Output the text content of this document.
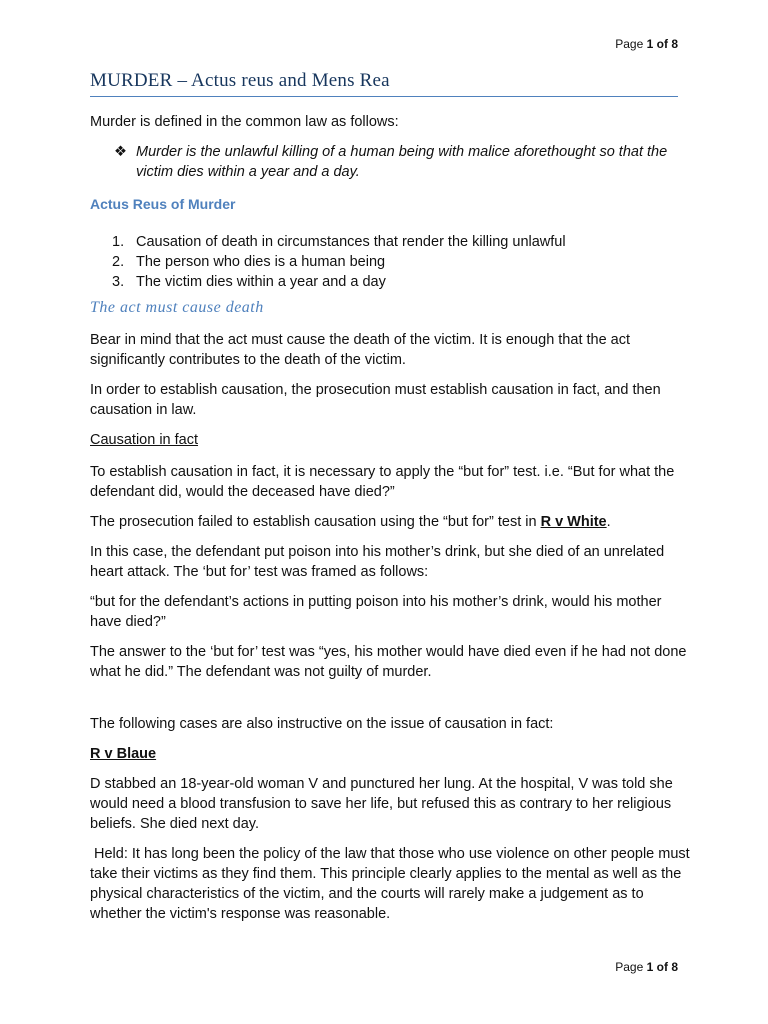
Page 1 of 8
MURDER – Actus reus and Mens Rea

Murder is defined in the common law as follows:

❖ Murder is the unlawful killing of a human being with malice aforethought so that the victim dies within a year and a day.
Actus Reus of Murder
1. Causation of death in circumstances that render the killing unlawful
2. The person who dies is a human being
3. The victim dies within a year and a day
The act must cause death

Bear in mind that the act must cause the death of the victim. It is enough that the act significantly contributes to the death of the victim.

In order to establish causation, the prosecution must establish causation in fact, and then causation in law.

Causation in fact

To establish causation in fact, it is necessary to apply the “but for” test. i.e. “But for what the defendant did, would the deceased have died?”

The prosecution failed to establish causation using the “but for” test in R v White.

In this case, the defendant put poison into his mother’s drink, but she died of an unrelated heart attack. The ‘but for’ test was framed as follows:

“but for the defendant’s actions in putting poison into his mother’s drink, would his mother have died?”

The answer to the ‘but for’ test was “yes, his mother would have died even if he had not done what he did.” The defendant was not guilty of murder.

The following cases are also instructive on the issue of causation in fact:

R v Blaue

D stabbed an 18-year-old woman V and punctured her lung. At the hospital, V was told she would need a blood transfusion to save her life, but refused this as contrary to her religious beliefs. She died next day.

Held: It has long been the policy of the law that those who use violence on other people must take their victims as they find them. This principle clearly applies to the mental as well as the physical characteristics of the victim, and the courts will rarely make a judgement as to whether the victim's response was reasonable.

Page 1 of 8
